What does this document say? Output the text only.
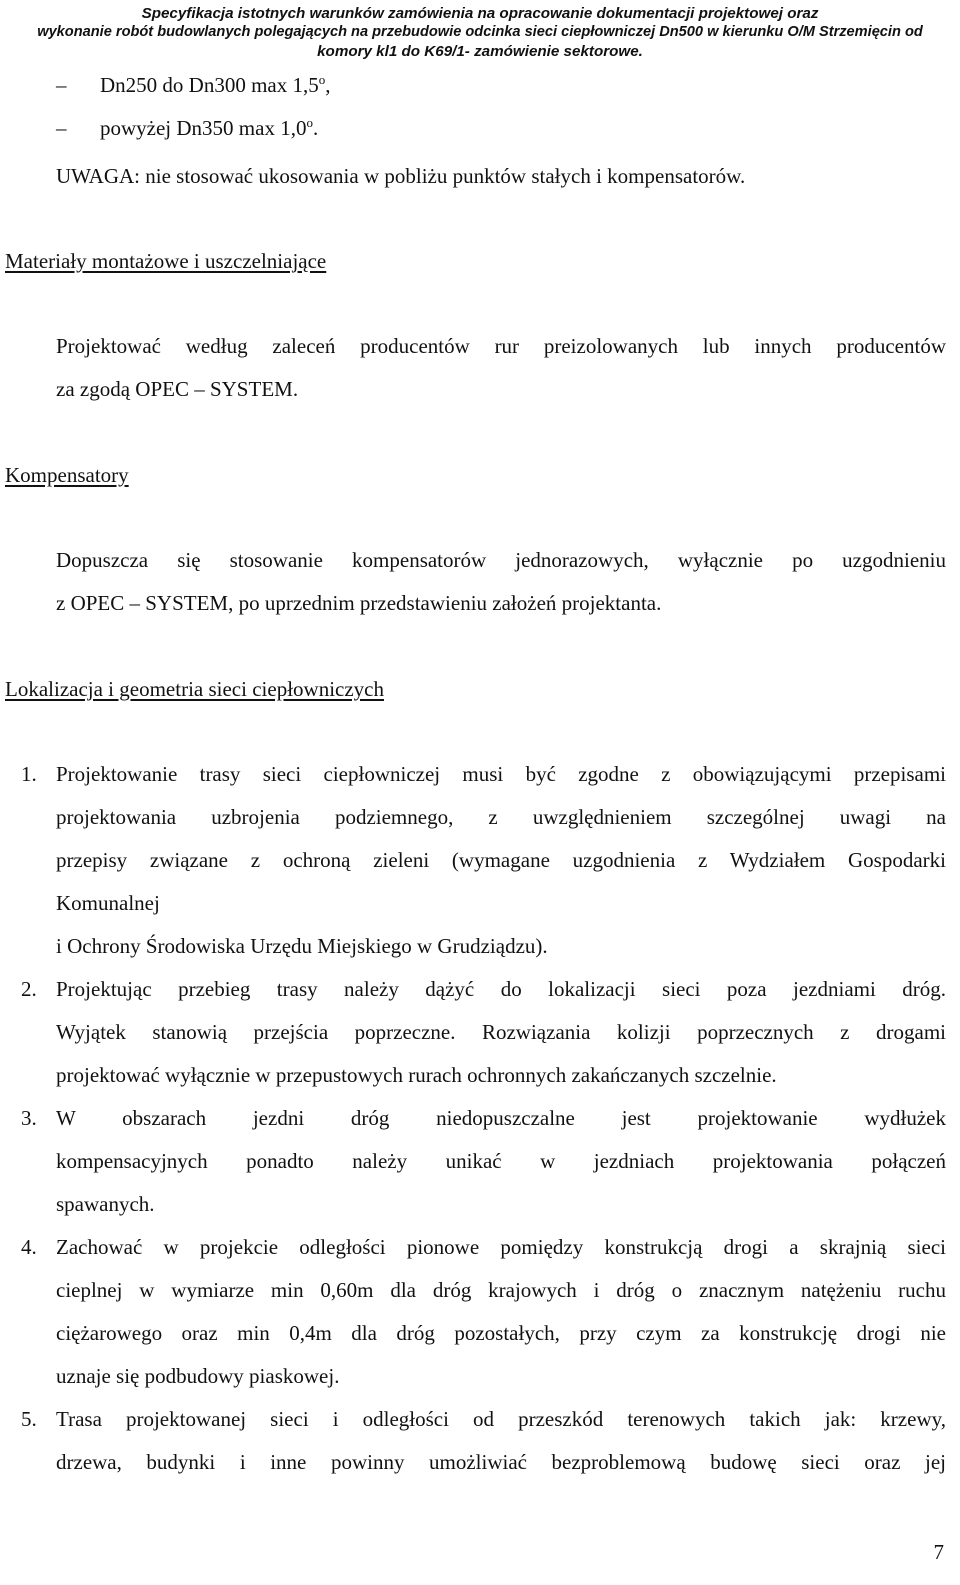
Specyfikacja istotnych warunków zamówienia na opracowanie dokumentacji projektowej oraz
wykonanie robót budowlanych polegających na przebudowie odcinka sieci ciepłowniczej Dn500 w kierunku O/M Strzemięcin od
komory kl1 do K69/1- zamówienie sektorowe.
– Dn250 do Dn300 max 1,5$^o$,
– powyżej Dn350 max 1,0$^o$.
UWAGA: nie stosować ukosowania w pobliżu punktów stałych i kompensatorów.
Materiały montażowe i uszczelniające
Projektować według zaleceń producentów rur preizolowanych lub innych producentów
za zgodą OPEC – SYSTEM.
Kompensatory
Dopuszcza się stosowanie kompensatorów jednorazowych, wyłącznie po uzgodnieniu
z OPEC – SYSTEM, po uprzednim przedstawieniu założeń projektanta.
Lokalizacja i geometria sieci ciepłowniczych
1. Projektowanie trasy sieci ciepłowniczej musi być zgodne z obowiązującymi przepisami
projektowania uzbrojenia podziemnego, z uwzględnieniem szczególnej uwagi na
przepisy związane z ochroną zieleni (wymagane uzgodnienia z Wydziałem Gospodarki
Komunalnej
i Ochrony Środowiska Urzędu Miejskiego w Grudziądzu).
2. Projektując przebieg trasy należy dążyć do lokalizacji sieci poza jezdniami dróg.
Wyjątek stanowią przejścia poprzeczne. Rozwiązania kolizji poprzecznych z drogami
projektować wyłącznie w przepustowych rurach ochronnych zakańczanych szczelnie.
3. W obszarach jezdni dróg niedopuszczalne jest projektowanie wydłużek
kompensacyjnych ponadto należy unikać w jezdniach projektowania połączeń
spawanych.
4. Zachować w projekcie odległości pionowe pomiędzy konstrukcją drogi a skrajnią sieci
cieplnej w wymiarze min 0,60m dla dróg krajowych i dróg o znacznym natężeniu ruchu
ciężarowego oraz min 0,4m dla dróg pozostałych, przy czym za konstrukcję drogi nie
uznaje się podbudowy piaskowej.
5. Trasa projektowanej sieci i odległości od przeszkód terenowych takich jak: krzewy,
drzewa, budynki i inne powinny umożliwiać bezproblemową budowę sieci oraz jej
7
